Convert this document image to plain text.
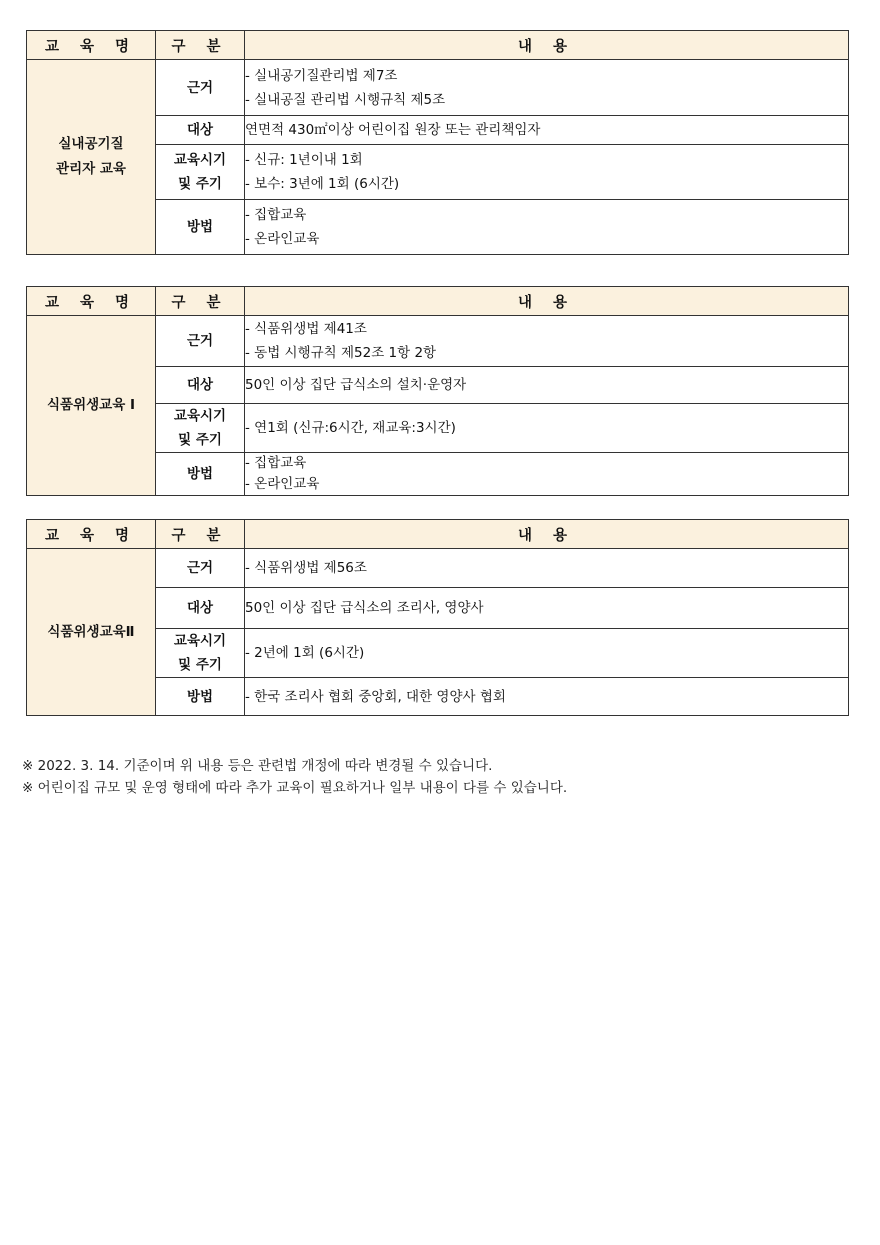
교 육 명	구 분	내 용

실내공기질
관리자 교육	근거	- 실내공기질관리법 제7조
- 실내공질 관리법 시행규칙 제5조

	대상	연면적 430㎡이상 어린이집 원장 또는 관리책임자

	교육시기
및 주기	- 신규: 1년이내 1회
- 보수: 3년에 1회 (6시간)

	방법	- 집합교육
- 온라인교육
교 육 명	구 분	내 용

식품위생교육 Ⅰ	근거	- 식품위생법 제41조
- 동법 시행규칙 제52조 1항 2항

	대상	50인 이상 집단 급식소의 설치·운영자

	교육시기
및 주기	- 연1회 (신규:6시간, 재교육:3시간)

	방법	- 집합교육
- 온라인교육
교 육 명	구 분	내 용

식품위생교육Ⅱ	근거	- 식품위생법 제56조

	대상	50인 이상 집단 급식소의 조리사, 영양사

	교육시기
및 주기	- 2년에 1회 (6시간)

	방법	- 한국 조리사 협회 중앙회, 대한 영양사 협회
※ 2022. 3. 14. 기준이며 위 내용 등은 관련법 개정에 따라 변경될 수 있습니다.
※ 어린이집 규모 및 운영 형태에 따라 추가 교육이 필요하거나 일부 내용이 다를 수 있습니다.
